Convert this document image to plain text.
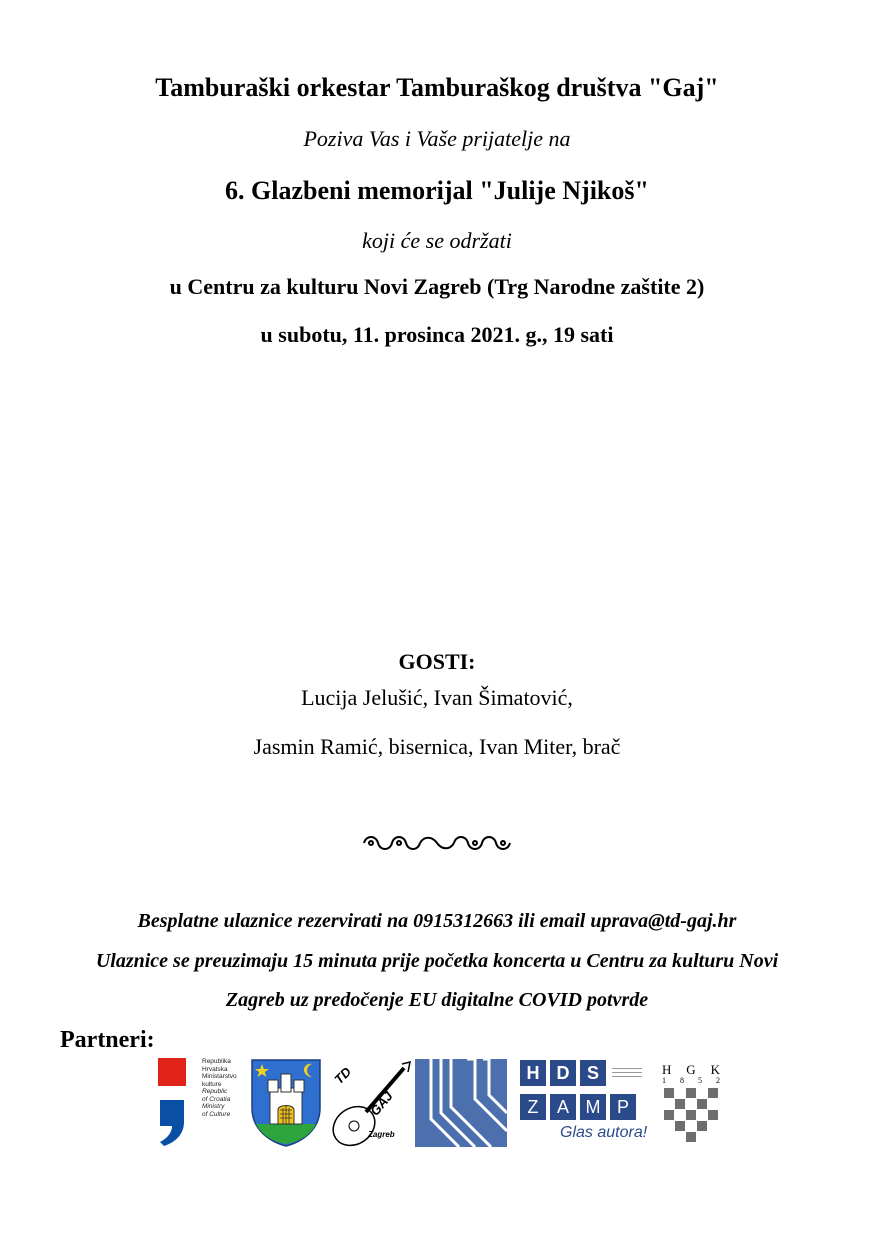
Tamburaški orkestar Tamburaškog društva "Gaj"
Poziva Vas i Vaše prijatelje na
6. Glazbeni memorijal "Julije Njikoš"
koji će se održati
u Centru za kulturu Novi Zagreb (Trg Narodne zaštite 2)
u subotu, 11. prosinca 2021. g., 19 sati
GOSTI:
Lucija Jelušić, Ivan Šimatović,
Jasmin Ramić, bisernica, Ivan Miter, brač
Besplatne ulaznice rezervirati na 0915312663 ili email uprava@td-gaj.hr
Ulaznice se preuzimaju 15 minuta prije početka koncerta u Centru za kulturu Novi
Zagreb uz predočenje EU digitalne COVID potvrde
Partneri:
Republika
Hrvatska
Ministarstvo
kulture
Republic
of Croatia
Ministry
of Culture
TD
GAJ
Zagreb
H D S
Z	A M P
Glas autora!
H G K
1 8 5 2
